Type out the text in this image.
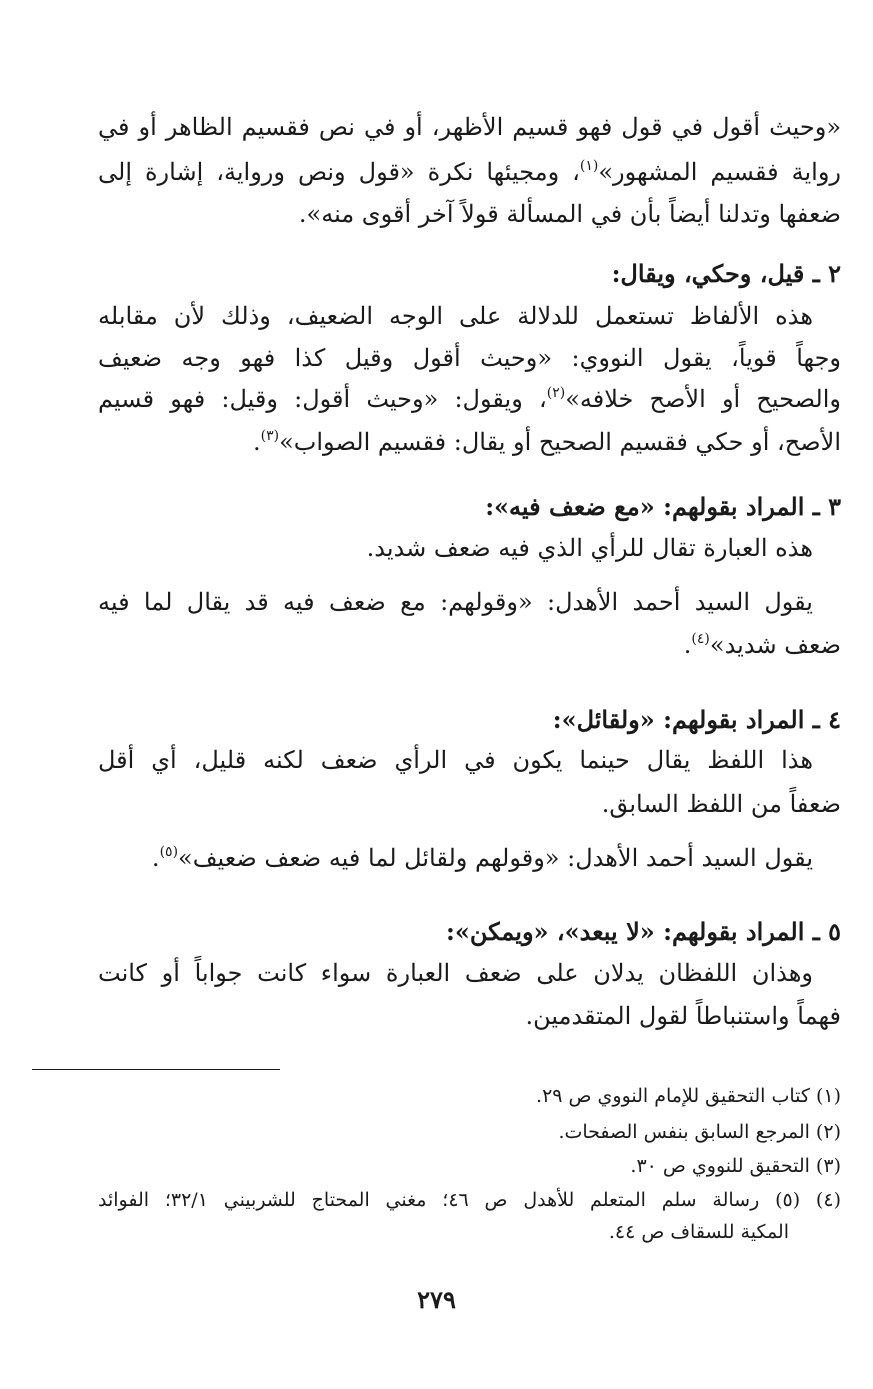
«وحيث أقول في قول فهو قسيم الأظهر، أو في نص فقسيم الظاهر أو في
رواية فقسيم المشهور»$^{(١)}$، ومجيئها نكرة «قول ونص ورواية، إشارة إلى
ضعفها وتدلنا أيضاً بأن في المسألة قولاً آخر أقوى منه».
٢ ـ قيل، وحكي، ويقال:
هذه الألفاظ تستعمل للدلالة على الوجه الضعيف، وذلك لأن مقابله
وجهاً قوياً، يقول النووي: «وحيث أقول وقيل كذا فهو وجه ضعيف
والصحيح أو الأصح خلافه»$^{(٢)}$، ويقول: «وحيث أقول: وقيل: فهو قسيم
الأصح، أو حكي فقسيم الصحيح أو يقال: فقسيم الصواب»$^{(٣)}$.
٣ ـ المراد بقولهم: «مع ضعف فيه»:
هذه العبارة تقال للرأي الذي فيه ضعف شديد.
يقول السيد أحمد الأهدل: «وقولهم: مع ضعف فيه قد يقال لما فيه
ضعف شديد»$^{(٤)}$.
٤ ـ المراد بقولهم: «ولقائل»:
هذا اللفظ يقال حينما يكون في الرأي ضعف لكنه قليل، أي أقل
ضعفاً من اللفظ السابق.
يقول السيد أحمد الأهدل: «وقولهم ولقائل لما فيه ضعف ضعيف»$^{(٥)}$.
٥ ـ المراد بقولهم: «لا يبعد»، «ويمكن»:
وهذان اللفظان يدلان على ضعف العبارة سواء كانت جواباً أو كانت
فهماً واستنباطاً لقول المتقدمين.
(١) كتاب التحقيق للإمام النووي ص ٢٩.
(٢) المرجع السابق بنفس الصفحات.
(٣) التحقيق للنووي ص ٣٠.
(٤) (٥) رسالة سلم المتعلم للأهدل ص ٤٦؛ مغني المحتاج للشربيني ٣٢/١؛ الفوائد
المكية للسقاف ص ٤٤.
٢٧٩
